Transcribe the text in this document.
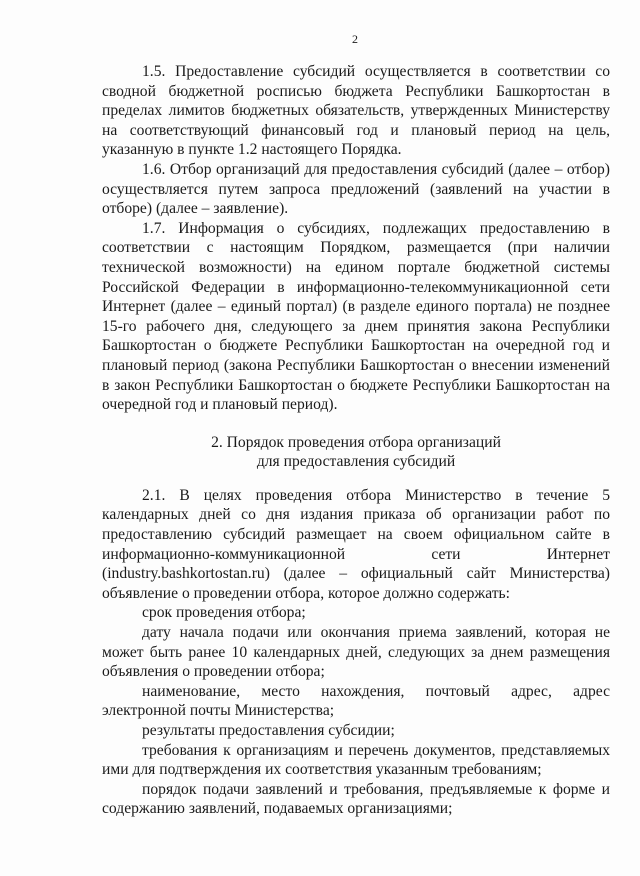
2

1.5. Предоставление субсидий осуществляется в соответствии со сводной бюджетной росписью бюджета Республики Башкортостан в пределах лимитов бюджетных обязательств, утвержденных Министерству на соответствующий финансовый год и плановый период на цель, указанную в пункте 1.2 настоящего Порядка.

1.6. Отбор организаций для предоставления субсидий (далее – отбор) осуществляется путем запроса предложений (заявлений на участии в отборе) (далее – заявление).

1.7. Информация о субсидиях, подлежащих предоставлению в соответствии с настоящим Порядком, размещается (при наличии технической возможности) на едином портале бюджетной системы Российской Федерации в информационно-телекоммуникационной сети Интернет (далее – единый портал) (в разделе единого портала) не позднее 15-го рабочего дня, следующего за днем принятия закона Республики Башкортостан о бюджете Республики Башкортостан на очередной год и плановый период (закона Республики Башкортостан о внесении изменений в закон Республики Башкортостан о бюджете Республики Башкортостан на очередной год и плановый период).

2. Порядок проведения отбора организаций
для предоставления субсидий

2.1. В целях проведения отбора Министерство в течение 5 календарных дней со дня издания приказа об организации работ по предоставлению субсидий размещает на своем официальном сайте в информационно-коммуникационной сети Интернет (industry.bashkortostan.ru) (далее – официальный сайт Министерства) объявление о проведении отбора, которое должно содержать:

срок проведения отбора;

дату начала подачи или окончания приема заявлений, которая не может быть ранее 10 календарных дней, следующих за днем размещения объявления о проведении отбора;

наименование, место нахождения, почтовый адрес, адрес электронной почты Министерства;

результаты предоставления субсидии;

требования к организациям и перечень документов, представляемых ими для подтверждения их соответствия указанным требованиям;

порядок подачи заявлений и требования, предъявляемые к форме и содержанию заявлений, подаваемых организациями;
